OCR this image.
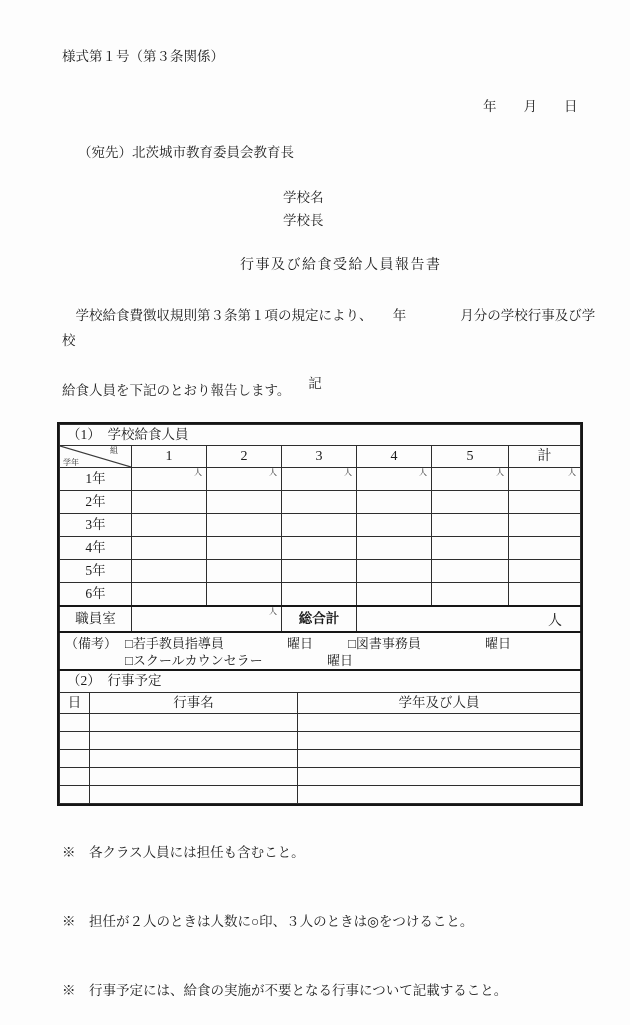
様式第１号（第３条関係）
年　　月　　日
（宛先）北茨城市教育委員会教育長
学校名
学校長
行事及び給食受給人員報告書
　学校給食費徴収規則第３条第１項の規定により、　　年　　　　月分の学校行事及び学校

給食人員を下記のとおり報告します。	記
（1）　学校給食人員						

組
学年	1	2	3	4	5	計
1年	人	人	人	人	人	人

2年						
3年						
4年						
5年						
6年						
職員室	人		総合計	人		

（備考） □若手教員指導員	曜日	□図書事務員	曜日
□スクールカウンセラー	曜日
（2）　行事予定		
日	行事名	学年及び人員

※　各クラス人員には担任も含むこと。

※　担任が２人のときは人数に○印、３人のときは◎をつけること。

※　行事予定には、給食の実施が不要となる行事について記載すること。
